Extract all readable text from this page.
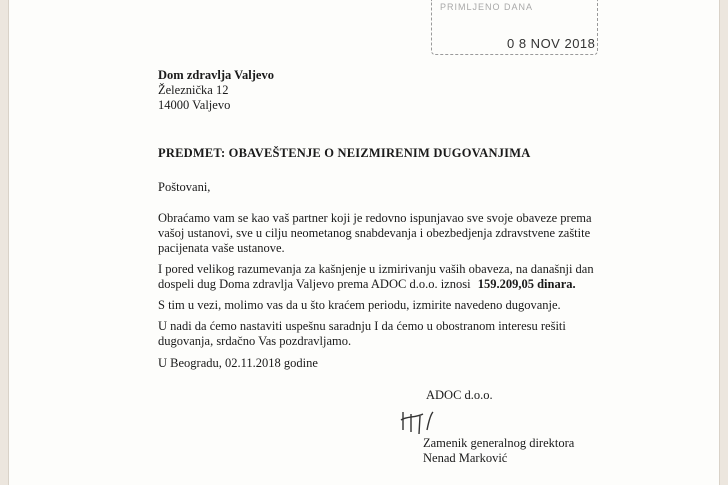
PRIMLJENO DANA
0 8 NOV 2018
Dom zdravlja Valjevo
Železnička 12
14000 Valjevo
PREDMET: OBAVEŠTENJE O NEIZMIRENIM DUGOVANJIMA
Poštovani,
Obraćamo vam se kao vaš partner koji je redovno ispunjavao sve svoje obaveze prema
vašoj ustanovi, sve u cilju neometanog snabdevanja i obezbedjenja zdravstvene zaštite
pacijenata vaše ustanove.
I pored velikog razumevanja za kašnjenje u izmirivanju vaših obaveza, na današnji dan
dospeli dug Doma zdravlja Valjevo prema ADOC d.o.o. iznosi 159.209,05 dinara.
S tim u vezi, molimo vas da u što kraćem periodu, izmirite navedeno dugovanje.
U nadi da ćemo nastaviti uspešnu saradnju I da ćemo u obostranom interesu rešiti
dugovanja, srdačno Vas pozdravljamo.
U Beogradu, 02.11.2018 godine
ADOC d.o.o.
Zamenik generalnog direktora
Nenad Marković
